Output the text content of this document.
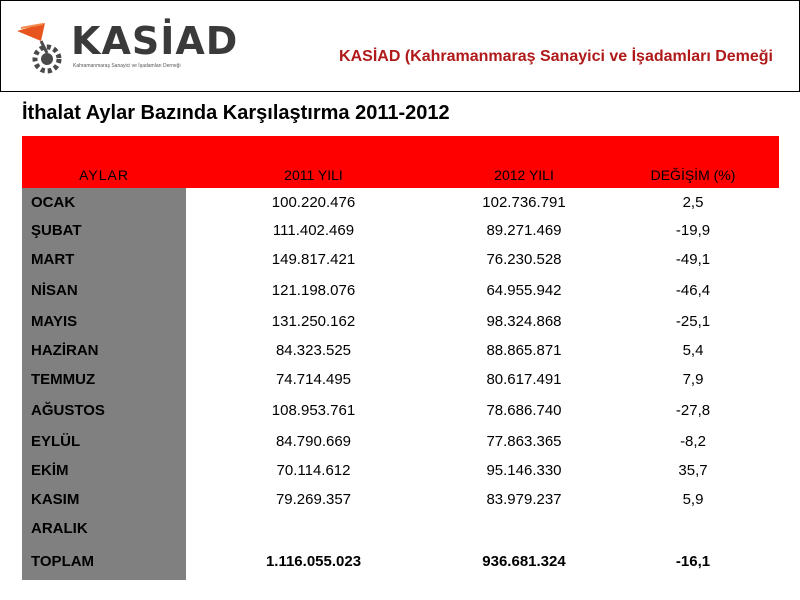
KASİAD
Kahramanmaraş Sanayici ve İşadamları Derneği
KASİAD (Kahramanmaraş Sanayici ve İşadamları Demeği
İthalat Aylar Bazında Karşılaştırma 2011-2012
AYLAR	2011 YILI	2012 YILI	DEĞİŞİM (%)
OCAK	100.220.476	102.736.791	2,5
ŞUBAT	111.402.469	89.271.469	-19,9
MART	149.817.421	76.230.528	-49,1
NİSAN	121.198.076	64.955.942	-46,4
MAYIS	131.250.162	98.324.868	-25,1
HAZİRAN	84.323.525	88.865.871	5,4
TEMMUZ	74.714.495	80.617.491	7,9
AĞUSTOS	108.953.761	78.686.740	-27,8
EYLÜL	84.790.669	77.863.365	-8,2
EKİM	70.114.612	95.146.330	35,7
KASIM	79.269.357	83.979.237	5,9
ARALIK			
TOPLAM	1.116.055.023	936.681.324	-16,1
